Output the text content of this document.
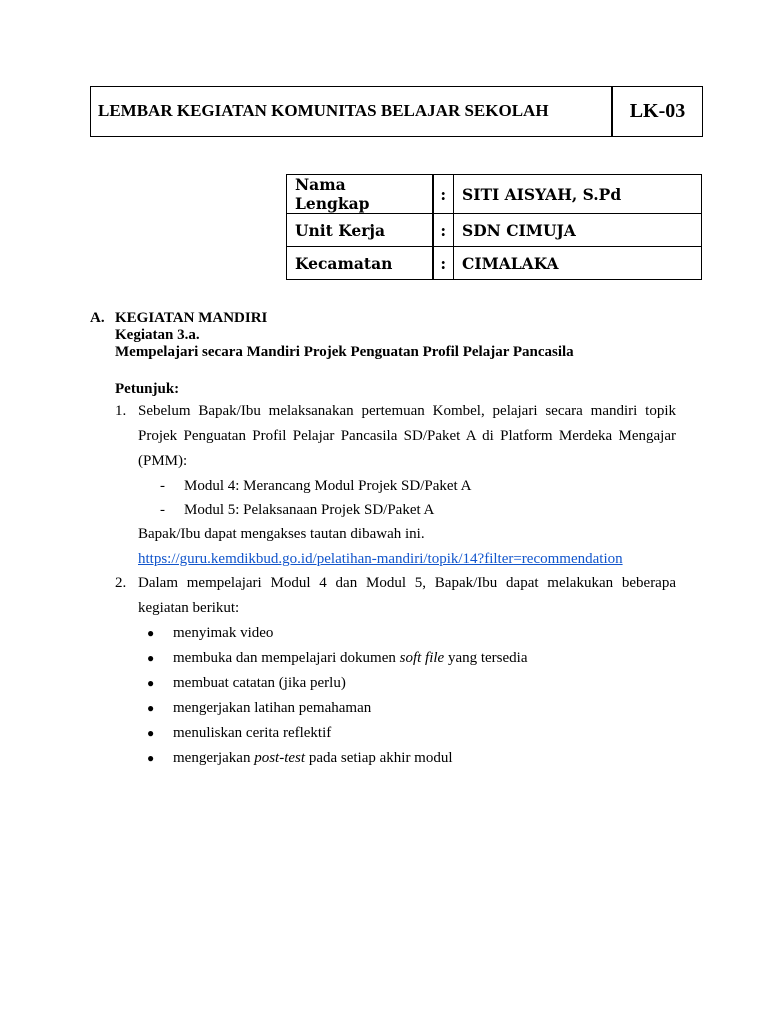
LEMBAR KEGIATAN KOMUNITAS BELAJAR SEKOLAH	LK-03
Nama Lengkap	:	SITI AISYAH, S.Pd
Unit Kerja	:	SDN CIMUJA
Kecamatan	:	CIMALAKA
A. KEGIATAN MANDIRI
Kegiatan 3.a.
Mempelajari secara Mandiri Projek Penguatan Profil Pelajar Pancasila
Petunjuk:
1. Sebelum Bapak/Ibu melaksanakan pertemuan Kombel, pelajari secara mandiri topik Projek Penguatan Profil Pelajar Pancasila SD/Paket A di Platform Merdeka Mengajar (PMM):
-	Modul 4: Merancang Modul Projek SD/Paket A
-	Modul 5: Pelaksanaan Projek SD/Paket A
Bapak/Ibu dapat mengakses tautan dibawah ini.
https://guru.kemdikbud.go.id/pelatihan-mandiri/topik/14?filter=recommendation
2. Dalam mempelajari Modul 4 dan Modul 5, Bapak/Ibu dapat melakukan beberapa kegiatan berikut:
●	menyimak video
●	membuka dan mempelajari dokumen soft file yang tersedia
●	membuat catatan (jika perlu)
●	mengerjakan latihan pemahaman
●	menuliskan cerita reflektif
●	mengerjakan post-test pada setiap akhir modul
